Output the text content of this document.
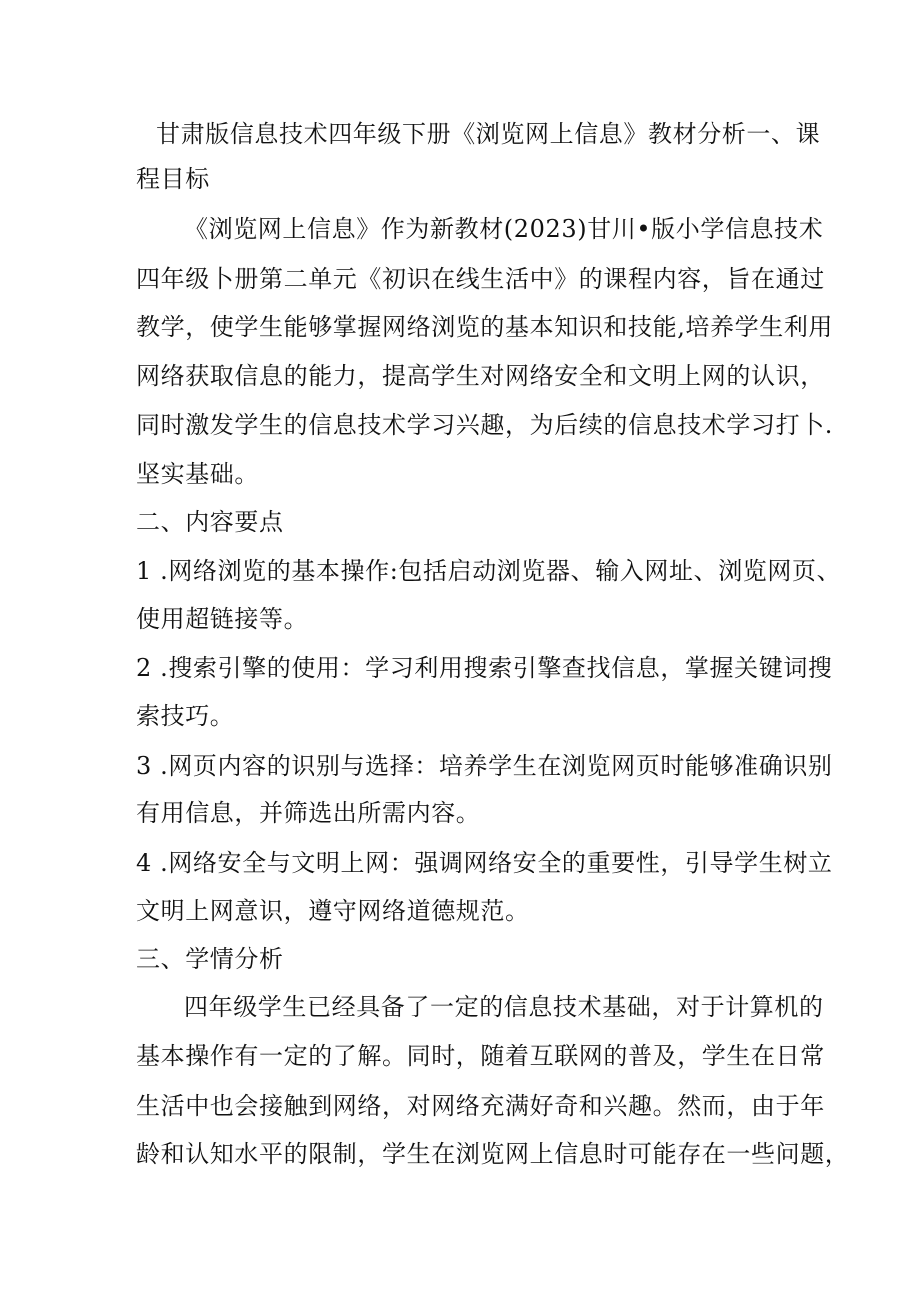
甘肃版信息技术四年级下册《浏览网上信息》教材分析一、课
程目标
《浏览网上信息》作为新教材(2023)甘川•版小学信息技术
四年级卜册第二单元《初识在线生活中》的课程内容，旨在通过
教学，使学生能够掌握网络浏览的基本知识和技能,培养学生利用
网络获取信息的能力，提高学生对网络安全和文明上网的认识，
同时激发学生的信息技术学习兴趣，为后续的信息技术学习打卜.
坚实基础。
二、内容要点
1 .网络浏览的基本操作:包括启动浏览器、输入网址、浏览网页、
使用超链接等。
2 .搜索引擎的使用：学习利用搜索引擎查找信息，掌握关键词搜
索技巧。
3 .网页内容的识别与选择：培养学生在浏览网页时能够准确识别
有用信息，并筛选出所需内容。
4 .网络安全与文明上网：强调网络安全的重要性，引导学生树立
文明上网意识，遵守网络道德规范。
三、学情分析
四年级学生已经具备了一定的信息技术基础，对于计算机的
基本操作有一定的了解。同时，随着互联网的普及，学生在日常
生活中也会接触到网络，对网络充满好奇和兴趣。然而，由于年
龄和认知水平的限制，学生在浏览网上信息时可能存在一些问题，
